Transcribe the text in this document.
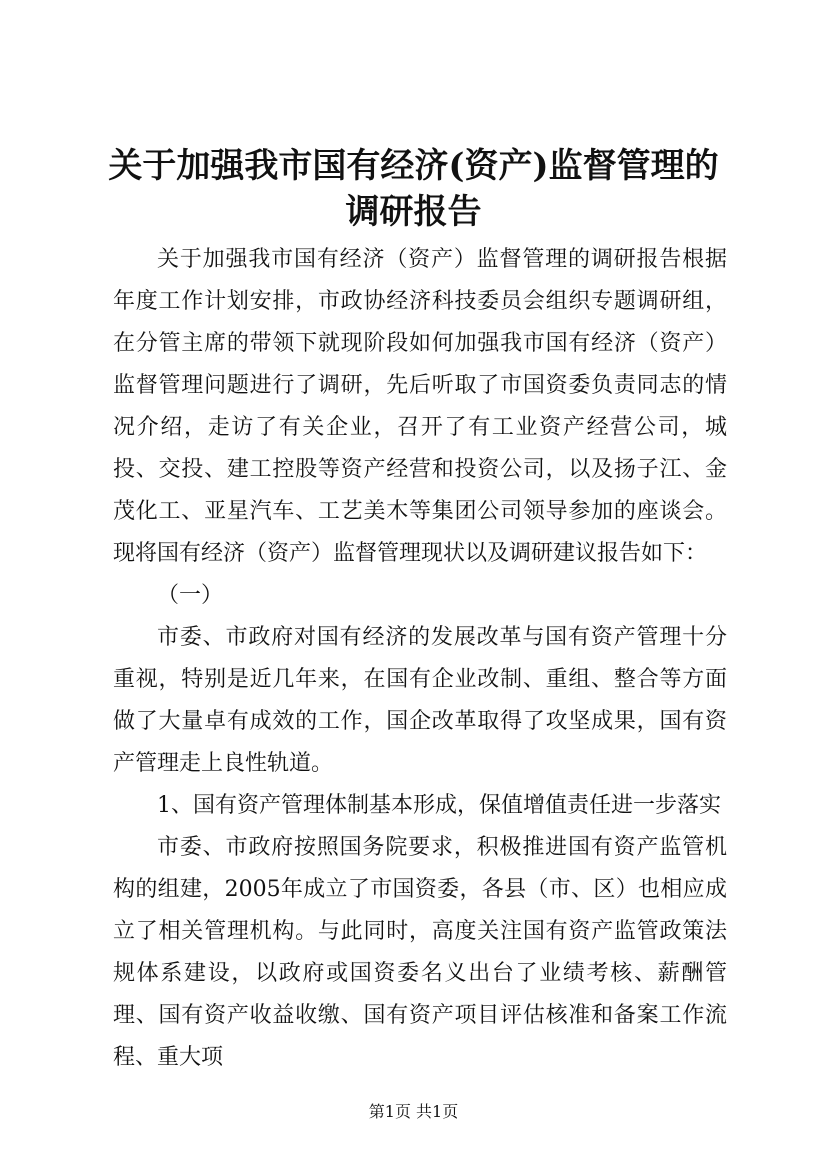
关于加强我市国有经济(资产)监督管理的调研报告

关于加强我市国有经济（资产）监督管理的调研报告根据年度工作计划安排，市政协经济科技委员会组织专题调研组，在分管主席的带领下就现阶段如何加强我市国有经济（资产）监督管理问题进行了调研，先后听取了市国资委负责同志的情况介绍，走访了有关企业，召开了有工业资产经营公司，城投、交投、建工控股等资产经营和投资公司，以及扬子江、金茂化工、亚星汽车、工艺美木等集团公司领导参加的座谈会。现将国有经济（资产）监督管理现状以及调研建议报告如下：

（一）

市委、市政府对国有经济的发展改革与国有资产管理十分重视，特别是近几年来，在国有企业改制、重组、整合等方面做了大量卓有成效的工作，国企改革取得了攻坚成果，国有资产管理走上良性轨道。

1、国有资产管理体制基本形成，保值增值责任进一步落实

市委、市政府按照国务院要求，积极推进国有资产监管机构的组建，2005年成立了市国资委，各县（市、区）也相应成立了相关管理机构。与此同时，高度关注国有资产监管政策法规体系建设，以政府或国资委名义出台了业绩考核、薪酬管理、国有资产收益收缴、国有资产项目评估核准和备案工作流程、重大项

第1页 共1页
